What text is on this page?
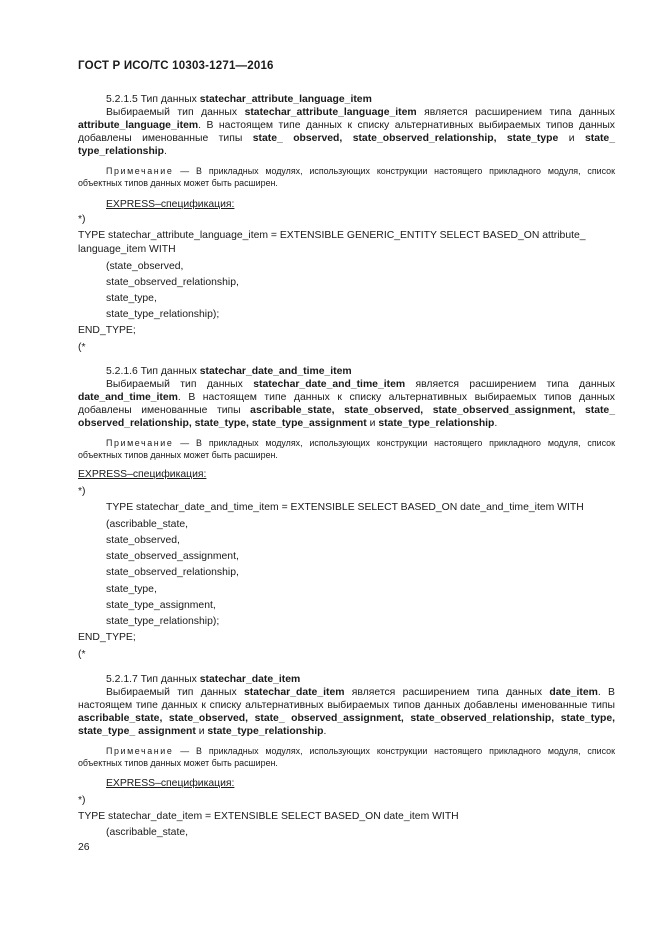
ГОСТ Р ИСО/ТС 10303-1271—2016
5.2.1.5 Тип данных statechar_attribute_language_item
Выбираемый тип данных statechar_attribute_language_item является расширением типа данных attribute_language_item. В настоящем типе данных к списку альтернативных выбираемых типов данных добавлены именованные типы state_ observed, state_observed_relationship, state_type и state_ type_relationship.
Примечание — В прикладных модулях, использующих конструкции настоящего прикладного модуля, список объектных типов данных может быть расширен.
EXPRESS–спецификация:
*)
TYPE statechar_attribute_language_item = EXTENSIBLE GENERIC_ENTITY SELECT BASED_ON attribute_
language_item WITH
(state_observed,
state_observed_relationship,
state_type,
state_type_relationship);
END_TYPE;
(*
5.2.1.6 Тип данных statechar_date_and_time_item
Выбираемый тип данных statechar_date_and_time_item является расширением типа данных date_and_time_item. В настоящем типе данных к списку альтернативных выбираемых типов данных добавлены именованные типы ascribable_state, state_observed, state_observed_assignment, state_ observed_relationship, state_type, state_type_assignment и state_type_relationship.
Примечание — В прикладных модулях, использующих конструкции настоящего прикладного модуля, список объектных типов данных может быть расширен.
EXPRESS–спецификация:
*)
TYPE statechar_date_and_time_item = EXTENSIBLE SELECT BASED_ON date_and_time_item WITH
(ascribable_state,
state_observed,
state_observed_assignment,
state_observed_relationship,
state_type,
state_type_assignment,
state_type_relationship);
END_TYPE;
(*
5.2.1.7 Тип данных statechar_date_item
Выбираемый тип данных statechar_date_item является расширением типа данных date_item. В настоящем типе данных к списку альтернативных выбираемых типов данных добавлены именованные типы ascribable_state, state_observed, state_ observed_assignment, state_observed_relationship, state_type, state_type_ assignment и state_type_relationship.
Примечание — В прикладных модулях, использующих конструкции настоящего прикладного модуля, список объектных типов данных может быть расширен.
EXPRESS–спецификация:
*)
TYPE statechar_date_item = EXTENSIBLE SELECT BASED_ON date_item WITH
(ascribable_state,
26
